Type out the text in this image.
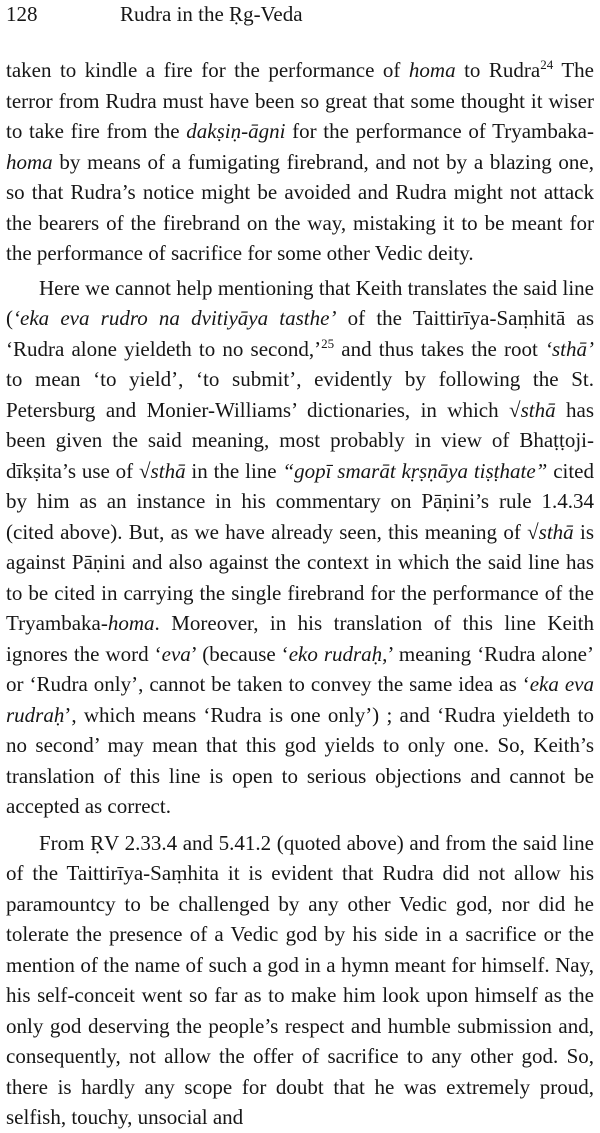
128	Rudra in the Ṛg-Veda

taken to kindle a fire for the performance of homa to Rudra$^{24}$ The terror from Rudra must have been so great that some thought it wiser to take fire from the dakṣiṇ-āgni for the performance of Tryambaka-homa by means of a fumigating firebrand, and not by a blazing one, so that Rudra’s notice might be avoided and Rudra might not attack the bearers of the firebrand on the way, mistaking it to be meant for the performance of sacrifice for some other Vedic deity.

Here we cannot help mentioning that Keith translates the said line (‘eka eva rudro na dvitiyāya tasthe’ of the Taittirīya-Saṃhitā as ‘Rudra alone yieldeth to no second,’$^{25}$ and thus takes the root ‘sthā’ to mean ‘to yield’, ‘to submit’, evidently by following the St. Petersburg and Monier-Williams’ dictionaries, in which √sthā has been given the said meaning, most probably in view of Bhaṭṭoji-dīkṣita’s use of √sthā in the line “gopī smarāt kṛṣṇāya tiṣṭhate” cited by him as an instance in his commentary on Pāṇini’s rule 1.4.34 (cited above). But, as we have already seen, this meaning of √sthā is against Pāṇini and also against the context in which the said line has to be cited in carrying the single firebrand for the performance of the Tryambaka-homa. Moreover, in his translation of this line Keith ignores the word ‘eva’ (because ‘eko rudraḥ,’ meaning ‘Rudra alone’ or ‘Rudra only’, cannot be taken to convey the same idea as ‘eka eva rudraḥ’, which means ‘Rudra is one only’) ; and ‘Rudra yieldeth to no second’ may mean that this god yields to only one. So, Keith’s translation of this line is open to serious objections and cannot be accepted as correct.

From ṚV 2.33.4 and 5.41.2 (quoted above) and from the said line of the Taittirīya-Saṃhita it is evident that Rudra did not allow his paramountcy to be challenged by any other Vedic god, nor did he tolerate the presence of a Vedic god by his side in a sacrifice or the mention of the name of such a god in a hymn meant for himself. Nay, his self-conceit went so far as to make him look upon himself as the only god deserving the people’s respect and humble submission and, consequently, not allow the offer of sacrifice to any other god. So, there is hardly any scope for doubt that he was extremely proud, selfish, touchy, unsocial and
